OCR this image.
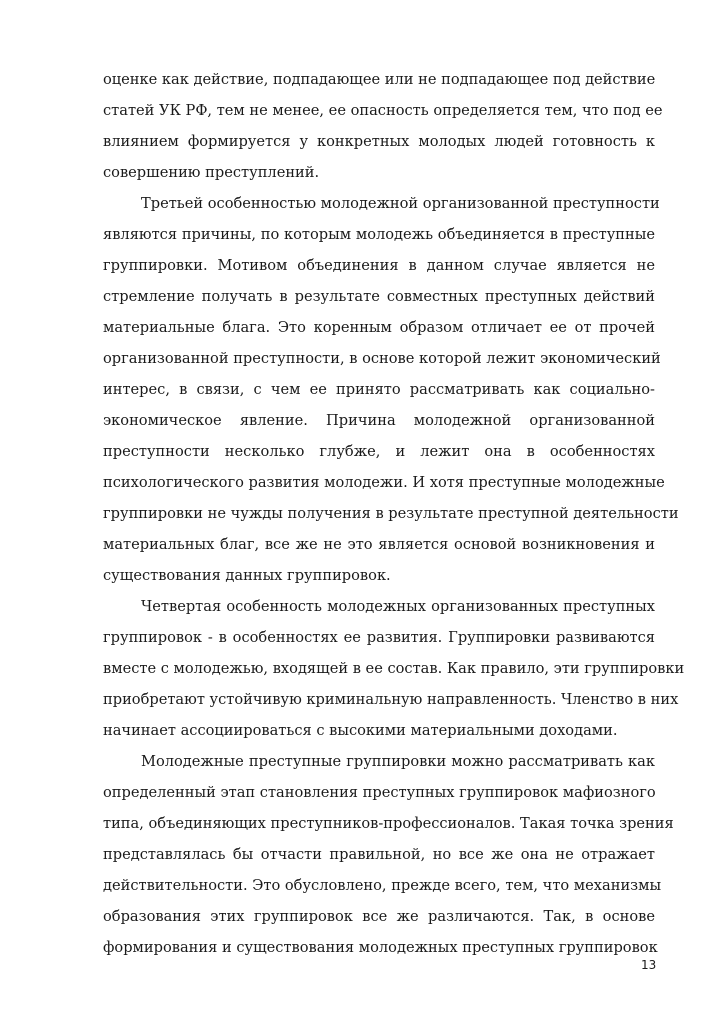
оценке как действие, подпадающее или не подпадающее под действие
статей УК РФ, тем не менее, ее опасность определяется тем, что под ее
влиянием формируется у конкретных молодых людей готовность к
совершению преступлений.
Третьей особенностью молодежной организованной преступности
являются причины, по которым молодежь объединяется в преступные
группировки. Мотивом объединения в данном случае является не
стремление получать в результате совместных преступных действий
материальные блага. Это коренным образом отличает ее от прочей
организованной преступности, в основе которой лежит экономический
интерес, в связи, с чем ее принято рассматривать как социально-
экономическое явление. Причина молодежной организованной
преступности несколько глубже, и лежит она в особенностях
психологического развития молодежи. И хотя преступные молодежные
группировки не чужды получения в результате преступной деятельности
материальных благ, все же не это является основой возникновения и
существования данных группировок.
Четвертая особенность молодежных организованных преступных
группировок - в особенностях ее развития. Группировки развиваются
вместе с молодежью, входящей в ее состав. Как правило, эти группировки
приобретают устойчивую криминальную направленность. Членство в них
начинает ассоциироваться с высокими материальными доходами.
Молодежные преступные группировки можно рассматривать как
определенный этап становления преступных группировок мафиозного
типа, объединяющих преступников-профессионалов. Такая точка зрения
представлялась бы отчасти правильной, но все же она не отражает
действительности. Это обусловлено, прежде всего, тем, что механизмы
образования этих группировок все же различаются. Так, в основе
формирования и существования молодежных преступных группировок
13
